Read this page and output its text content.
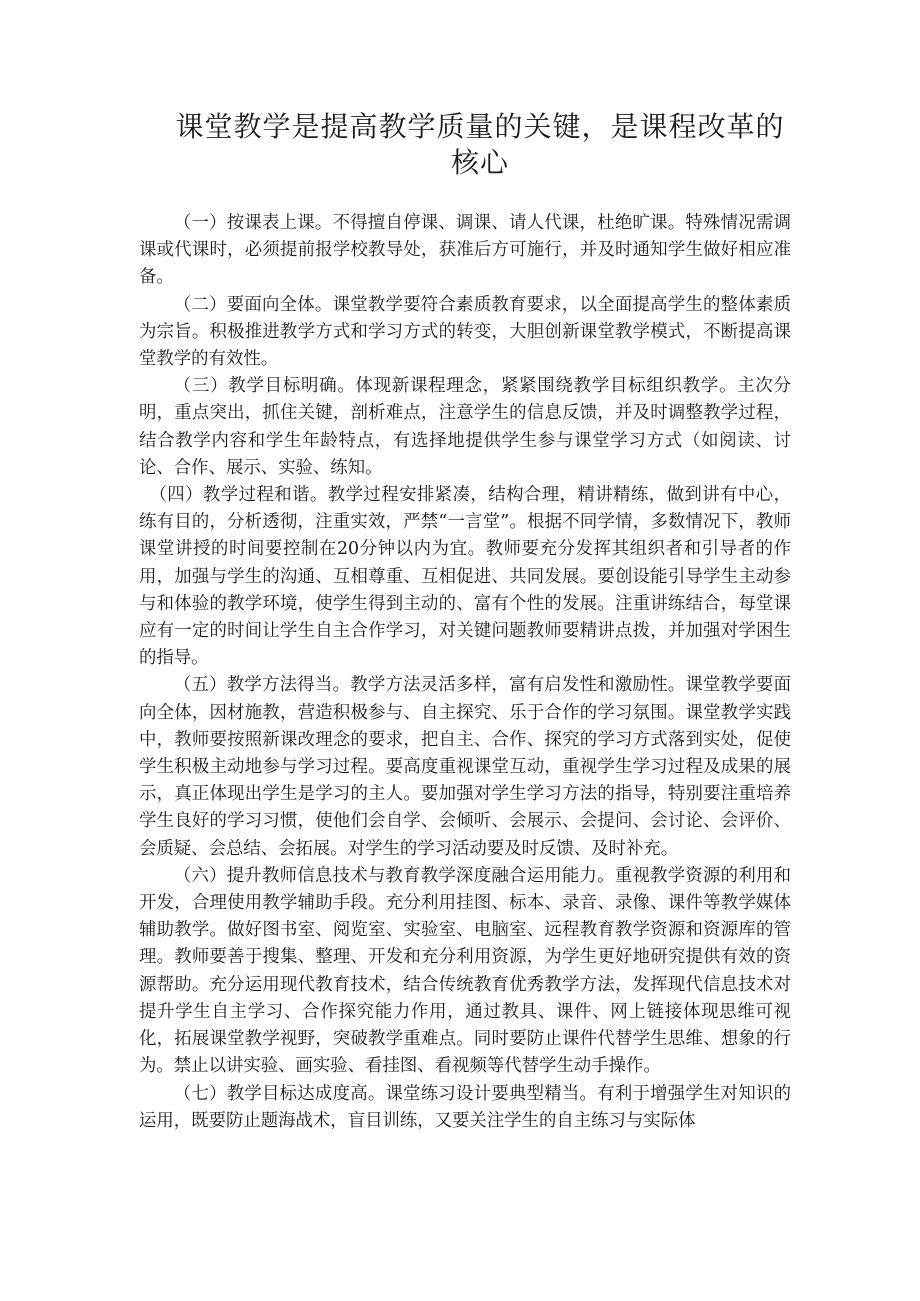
课堂教学是提高教学质量的关键，是课程改革的
核心

（一）按课表上课。不得擅自停课、调课、请人代课，杜绝旷课。特殊情况需调课或代课时，必须提前报学校教导处，获准后方可施行，并及时通知学生做好相应准备。

（二）要面向全体。课堂教学要符合素质教育要求，以全面提高学生的整体素质为宗旨。积极推进教学方式和学习方式的转变，大胆创新课堂教学模式，不断提高课堂教学的有效性。

（三）教学目标明确。体现新课程理念，紧紧围绕教学目标组织教学。主次分明，重点突出，抓住关键，剖析难点，注意学生的信息反馈，并及时调整教学过程，结合教学内容和学生年龄特点，有选择地提供学生参与课堂学习方式（如阅读、讨论、合作、展示、实验、练知。

（四）教学过程和谐。教学过程安排紧凑，结构合理，精讲精练，做到讲有中心，练有目的，分析透彻，注重实效，严禁“一言堂”。根据不同学情，多数情况下，教师课堂讲授的时间要控制在20分钟以内为宜。教师要充分发挥其组织者和引导者的作用，加强与学生的沟通、互相尊重、互相促进、共同发展。要创设能引导学生主动参与和体验的教学环境，使学生得到主动的、富有个性的发展。注重讲练结合，每堂课应有一定的时间让学生自主合作学习，对关键问题教师要精讲点拨，并加强对学困生的指导。

（五）教学方法得当。教学方法灵活多样，富有启发性和激励性。课堂教学要面向全体，因材施教，营造积极参与、自主探究、乐于合作的学习氛围。课堂教学实践中，教师要按照新课改理念的要求，把自主、合作、探究的学习方式落到实处，促使学生积极主动地参与学习过程。要高度重视课堂互动，重视学生学习过程及成果的展示，真正体现出学生是学习的主人。要加强对学生学习方法的指导，特别要注重培养学生良好的学习习惯，使他们会自学、会倾听、会展示、会提问、会讨论、会评价、会质疑、会总结、会拓展。对学生的学习活动要及时反馈、及时补充。

（六）提升教师信息技术与教育教学深度融合运用能力。重视教学资源的利用和开发，合理使用教学辅助手段。充分利用挂图、标本、录音、录像、课件等教学媒体辅助教学。做好图书室、阅览室、实验室、电脑室、远程教育教学资源和资源库的管理。教师要善于搜集、整理、开发和充分利用资源，为学生更好地研究提供有效的资源帮助。充分运用现代教育技术，结合传统教育优秀教学方法，发挥现代信息技术对提升学生自主学习、合作探究能力作用，通过教具、课件、网上链接体现思维可视化，拓展课堂教学视野，突破教学重难点。同时要防止课件代替学生思维、想象的行为。禁止以讲实验、画实验、看挂图、看视频等代替学生动手操作。

（七）教学目标达成度高。课堂练习设计要典型精当。有利于增强学生对知识的运用，既要防止题海战术，盲目训练，又要关注学生的自主练习与实际体
